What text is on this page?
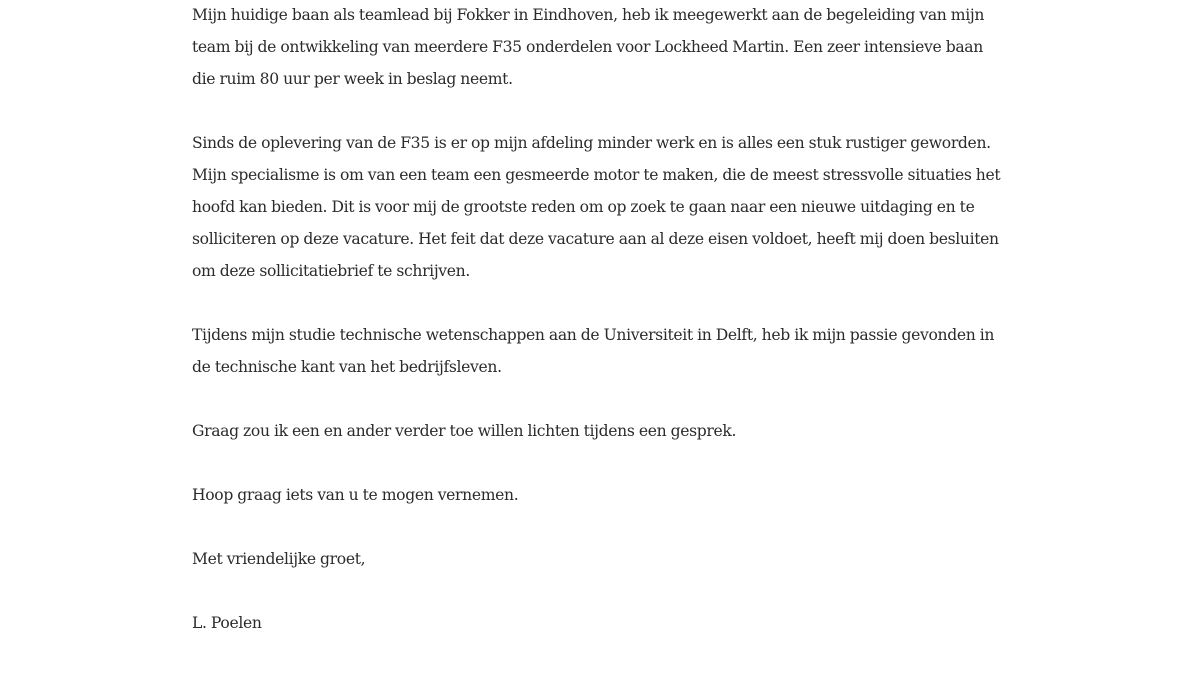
Mijn huidige baan als teamlead bij Fokker in Eindhoven, heb ik meegewerkt aan de begeleiding van mijn
team bij de ontwikkeling van meerdere F35 onderdelen voor Lockheed Martin. Een zeer intensieve baan
die ruim 80 uur per week in beslag neemt.

Sinds de oplevering van de F35 is er op mijn afdeling minder werk en is alles een stuk rustiger geworden.
Mijn specialisme is om van een team een gesmeerde motor te maken, die de meest stressvolle situaties het
hoofd kan bieden. Dit is voor mij de grootste reden om op zoek te gaan naar een nieuwe uitdaging en te
solliciteren op deze vacature. Het feit dat deze vacature aan al deze eisen voldoet, heeft mij doen besluiten
om deze sollicitatiebrief te schrijven.

Tijdens mijn studie technische wetenschappen aan de Universiteit in Delft, heb ik mijn passie gevonden in
de technische kant van het bedrijfsleven.

Graag zou ik een en ander verder toe willen lichten tijdens een gesprek.

Hoop graag iets van u te mogen vernemen.

Met vriendelijke groet,

L. Poelen
